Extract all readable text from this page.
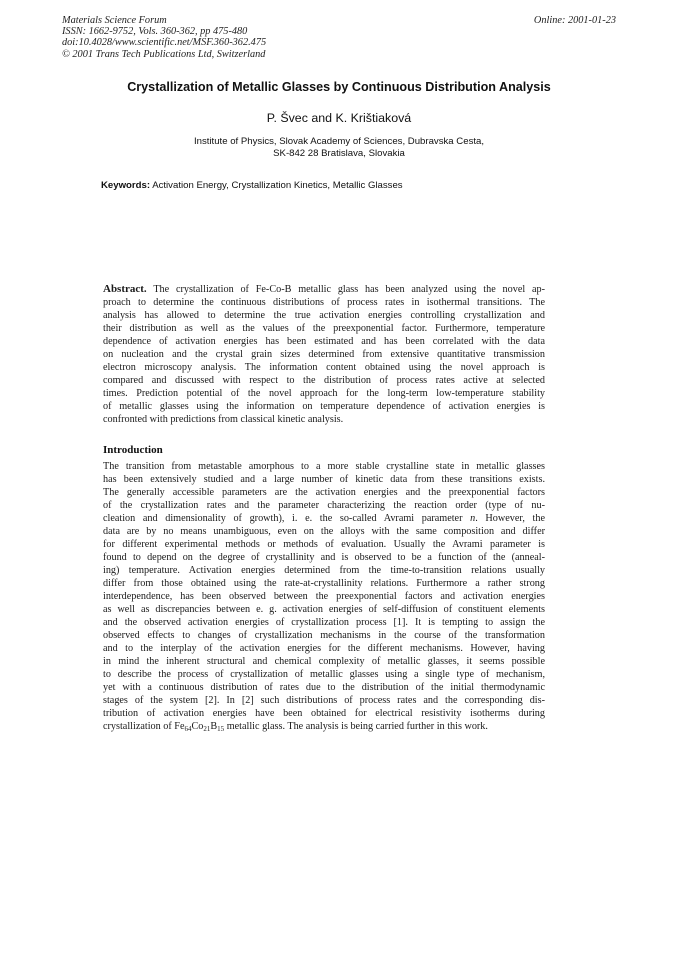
Materials Science Forum
ISSN: 1662-9752, Vols. 360-362, pp 475-480
doi:10.4028/www.scientific.net/MSF.360-362.475
© 2001 Trans Tech Publications Ltd, Switzerland
Online: 2001-01-23
Crystallization of Metallic Glasses by Continuous Distribution Analysis
P. Švec and K. Krištiaková
Institute of Physics, Slovak Academy of Sciences, Dubravska Cesta,
SK-842 28 Bratislava, Slovakia
Keywords: Activation Energy, Crystallization Kinetics, Metallic Glasses
Abstract. The crystallization of Fe-Co-B metallic glass has been analyzed using the novel ap-
proach to determine the continuous distributions of process rates in isothermal transitions. The
analysis has allowed to determine the true activation energies controlling crystallization and
their distribution as well as the values of the preexponential factor. Furthermore, temperature
dependence of activation energies has been estimated and has been correlated with the data
on nucleation and the crystal grain sizes determined from extensive quantitative transmission
electron microscopy analysis. The information content obtained using the novel approach is
compared and discussed with respect to the distribution of process rates active at selected
times. Prediction potential of the novel approach for the long-term low-temperature stability
of metallic glasses using the information on temperature dependence of activation energies is
confronted with predictions from classical kinetic analysis.
Introduction
The transition from metastable amorphous to a more stable crystalline state in metallic glasses
has been extensively studied and a large number of kinetic data from these transitions exists.
The generally accessible parameters are the activation energies and the preexponential factors
of the crystallization rates and the parameter characterizing the reaction order (type of nu-
cleation and dimensionality of growth), i. e. the so-called Avrami parameter n. However, the
data are by no means unambiguous, even on the alloys with the same composition and differ
for different experimental methods or methods of evaluation. Usually the Avrami parameter is
found to depend on the degree of crystallinity and is observed to be a function of the (anneal-
ing) temperature. Activation energies determined from the time-to-transition relations usually
differ from those obtained using the rate-at-crystallinity relations. Furthermore a rather strong
interdependence, has been observed between the preexponential factors and activation energies
as well as discrepancies between e. g. activation energies of self-diffusion of constituent elements
and the observed activation energies of crystallization process [1]. It is tempting to assign the
observed effects to changes of crystallization mechanisms in the course of the transformation
and to the interplay of the activation energies for the different mechanisms. However, having
in mind the inherent structural and chemical complexity of metallic glasses, it seems possible
to describe the process of crystallization of metallic glasses using a single type of mechanism,
yet with a continuous distribution of rates due to the distribution of the initial thermodynamic
stages of the system [2]. In [2] such distributions of process rates and the corresponding dis-
tribution of activation energies have been obtained for electrical resistivity isotherms during
crystallization of $Fe_{64}Co_{21}B_{15}$ metallic glass. The analysis is being carried further in this work.
